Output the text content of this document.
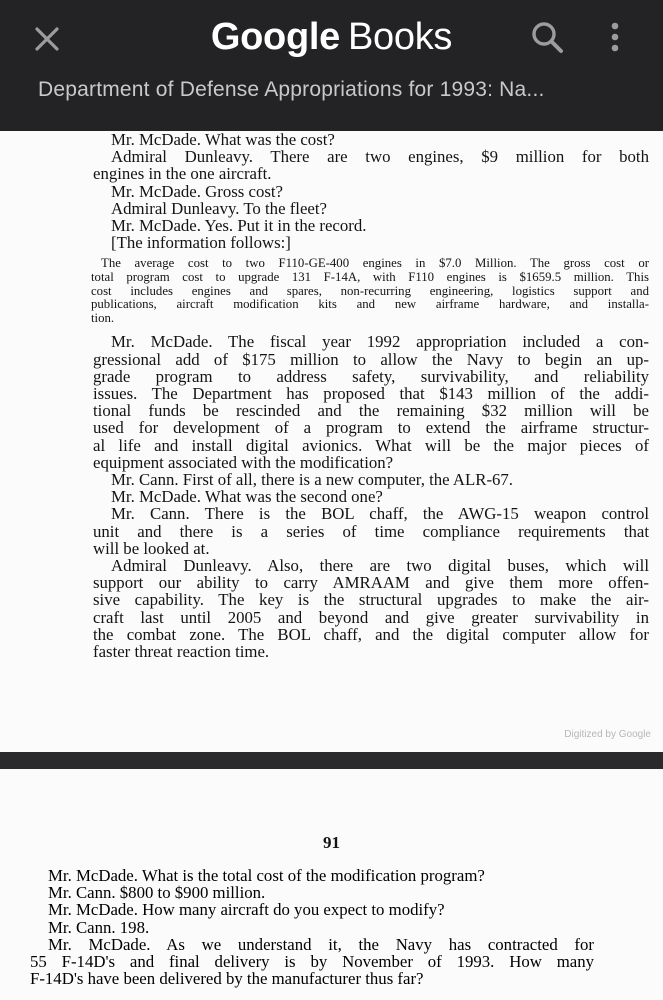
Google Books
Department of Defense Appropriations for 1993: Na...
Mr. McDade. What was the cost?
Admiral Dunleavy. There are two engines, $9 million for both
engines in the one aircraft.
Mr. McDade. Gross cost?
Admiral Dunleavy. To the fleet?
Mr. McDade. Yes. Put it in the record.
[The information follows:]
The average cost to two F110-GE-400 engines in $7.0 Million. The gross cost or
total program cost to upgrade 131 F-14A, with F110 engines is $1659.5 million. This
cost includes engines and spares, non-recurring engineering, logistics support and
publications, aircraft modification kits and new airframe hardware, and installa-
tion.
Mr. McDade. The fiscal year 1992 appropriation included a con-
gressional add of $175 million to allow the Navy to begin an up-
grade program to address safety, survivability, and reliability
issues. The Department has proposed that $143 million of the addi-
tional funds be rescinded and the remaining $32 million will be
used for development of a program to extend the airframe structur-
al life and install digital avionics. What will be the major pieces of
equipment associated with the modification?
Mr. Cann. First of all, there is a new computer, the ALR-67.
Mr. McDade. What was the second one?
Mr. Cann. There is the BOL chaff, the AWG-15 weapon control
unit and there is a series of time compliance requirements that
will be looked at.
Admiral Dunleavy. Also, there are two digital buses, which will
support our ability to carry AMRAAM and give them more offen-
sive capability. The key is the structural upgrades to make the air-
craft last until 2005 and beyond and give greater survivability in
the combat zone. The BOL chaff, and the digital computer allow for
faster threat reaction time.
Digitized by Google
91
Mr. McDade. What is the total cost of the modification program?
Mr. Cann. $800 to $900 million.
Mr. McDade. How many aircraft do you expect to modify?
Mr. Cann. 198.
Mr. McDade. As we understand it, the Navy has contracted for
55 F-14D's and final delivery is by November of 1993. How many
F-14D's have been delivered by the manufacturer thus far?
